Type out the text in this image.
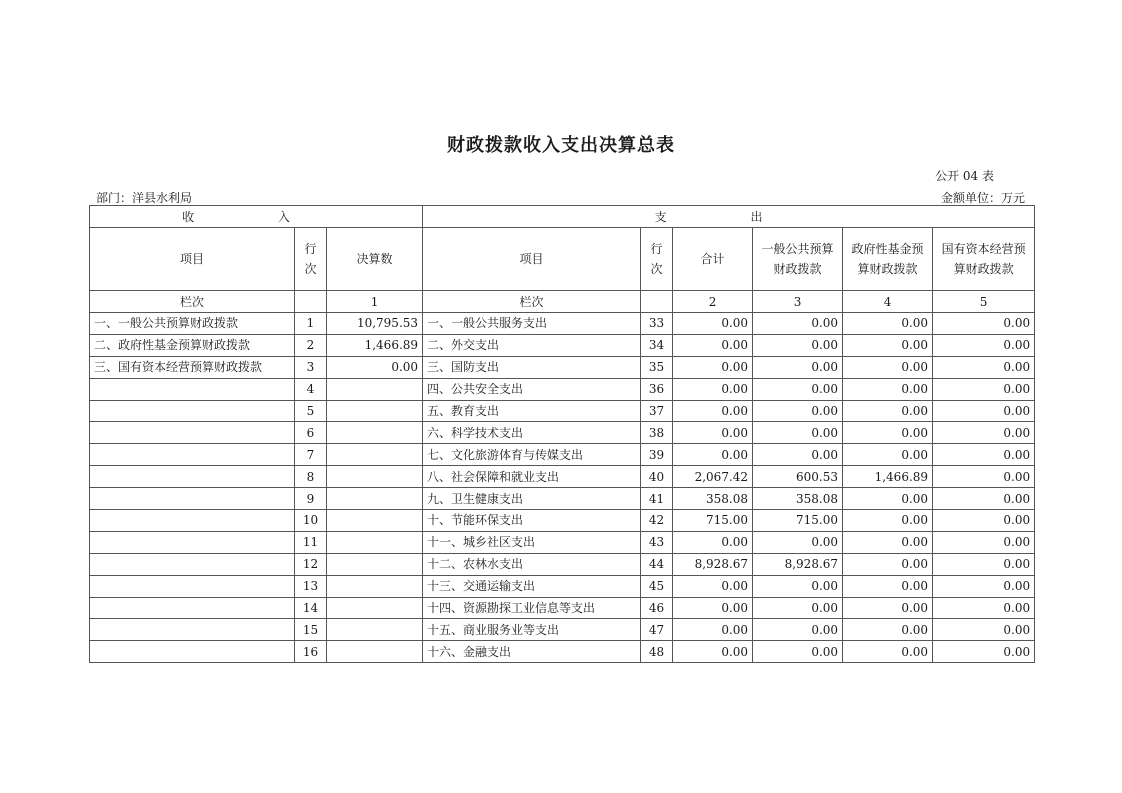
财政拨款收入支出决算总表
公开 04 表
部门：洋县水利局	金额单位：万元
收 入			支 出					
项目	行次	决算数	项目	行次	合计	一般公共预算财政拨款	政府性基金预算财政拨款	国有资本经营预算财政拨款
栏次		1	栏次		2	3	4	5
一、一般公共预算财政拨款	1	10,795.53	一、一般公共服务支出	33	0.00	0.00	0.00	0.00
二、政府性基金预算财政拨款	2	1,466.89	二、外交支出	34	0.00	0.00	0.00	0.00
三、国有资本经营预算财政拨款	3	0.00	三、国防支出	35	0.00	0.00	0.00	0.00
	4		四、公共安全支出	36	0.00	0.00	0.00	0.00
	5		五、教育支出	37	0.00	0.00	0.00	0.00
	6		六、科学技术支出	38	0.00	0.00	0.00	0.00
	7		七、文化旅游体育与传媒支出	39	0.00	0.00	0.00	0.00
	8		八、社会保障和就业支出	40	2,067.42	600.53	1,466.89	0.00
	9		九、卫生健康支出	41	358.08	358.08	0.00	0.00
	10		十、节能环保支出	42	715.00	715.00	0.00	0.00
	11		十一、城乡社区支出	43	0.00	0.00	0.00	0.00
	12		十二、农林水支出	44	8,928.67	8,928.67	0.00	0.00
	13		十三、交通运输支出	45	0.00	0.00	0.00	0.00
	14		十四、资源勘探工业信息等支出	46	0.00	0.00	0.00	0.00
	15		十五、商业服务业等支出	47	0.00	0.00	0.00	0.00
	16		十六、金融支出	48	0.00	0.00	0.00	0.00
